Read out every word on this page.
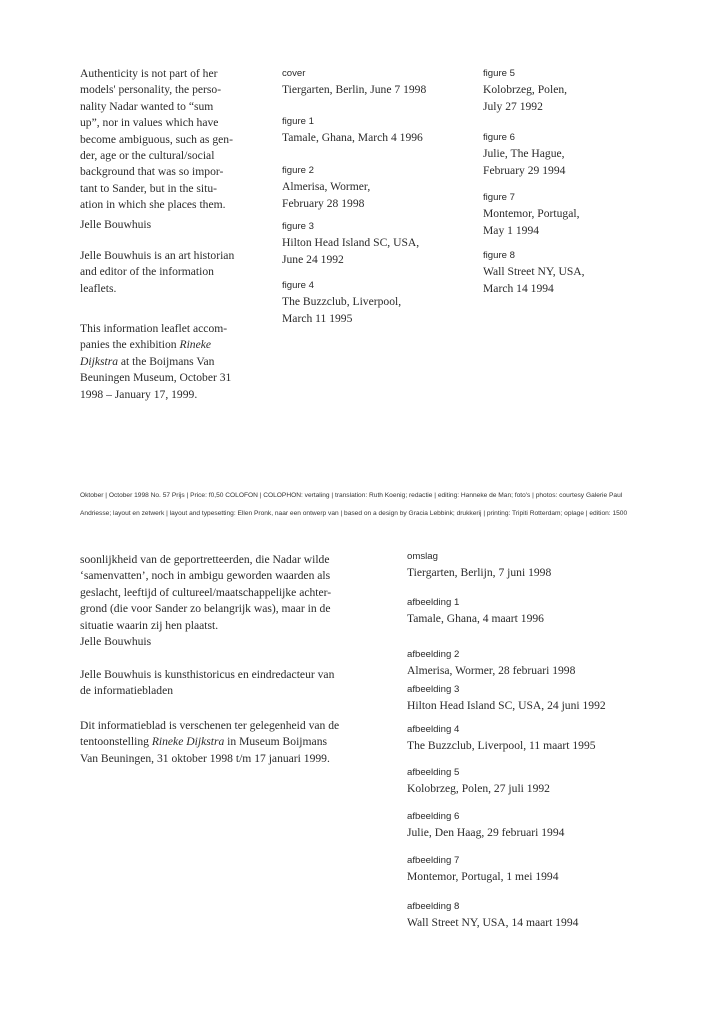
Authenticity is not part of her
models' personality, the perso-
nality Nadar wanted to “sum
up”, nor in values which have
become ambiguous, such as gen-
der, age or the cultural/social
background that was so impor-
tant to Sander, but in the situ-
ation in which she places them.
Jelle Bouwhuis
Jelle Bouwhuis is an art historian
and editor of the information
leaflets.
This information leaflet accom-
panies the exhibition Rineke
Dijkstra at the Boijmans Van
Beuningen Museum, October 31
1998 – January 17, 1999.
cover
Tiergarten, Berlin, June 7 1998
figure 1
Tamale, Ghana, March 4 1996
figure 2
Almerisa, Wormer,
February 28 1998
figure 3
Hilton Head Island SC, USA,
June 24 1992
figure 4
The Buzzclub, Liverpool,
March 11 1995
figure 5
Kolobrzeg, Polen,
July 27 1992
figure 6
Julie, The Hague,
February 29 1994
figure 7
Montemor, Portugal,
May 1 1994
figure 8
Wall Street NY, USA,
March 14 1994
Oktober | October 1998 No. 57 Prijs | Price: f0,50 COLOFON | COLOPHON: vertaling | translation: Ruth Koenig; redactie | editing: Hanneke de Man; foto's | photos: courtesy Galerie Paul
Andriesse; layout en zetwerk | layout and typesetting: Ellen Pronk, naar een ontwerp van | based on a design by Gracia Lebbink; drukkerij | printing: Tripiti Rotterdam; oplage | edition: 1500
soonlijkheid van de geportretteerden, die Nadar wilde
‘samenvatten’, noch in ambigu geworden waarden als
geslacht, leeftijd of cultureel/maatschappelijke achter-
grond (die voor Sander zo belangrijk was), maar in de
situatie waarin zij hen plaatst.
Jelle Bouwhuis
Jelle Bouwhuis is kunsthistoricus en eindredacteur van
de informatiebladen
Dit informatieblad is verschenen ter gelegenheid van de
tentoonstelling Rineke Dijkstra in Museum Boijmans
Van Beuningen, 31 oktober 1998 t/m 17 januari 1999.
omslag
Tiergarten, Berlijn, 7 juni 1998
afbeelding 1
Tamale, Ghana, 4 maart 1996
afbeelding 2
Almerisa, Wormer, 28 februari 1998
afbeelding 3
Hilton Head Island SC, USA, 24 juni 1992
afbeelding 4
The Buzzclub, Liverpool, 11 maart 1995
afbeelding 5
Kolobrzeg, Polen, 27 juli 1992
afbeelding 6
Julie, Den Haag, 29 februari 1994
afbeelding 7
Montemor, Portugal, 1 mei 1994
afbeelding 8
Wall Street NY, USA, 14 maart 1994
